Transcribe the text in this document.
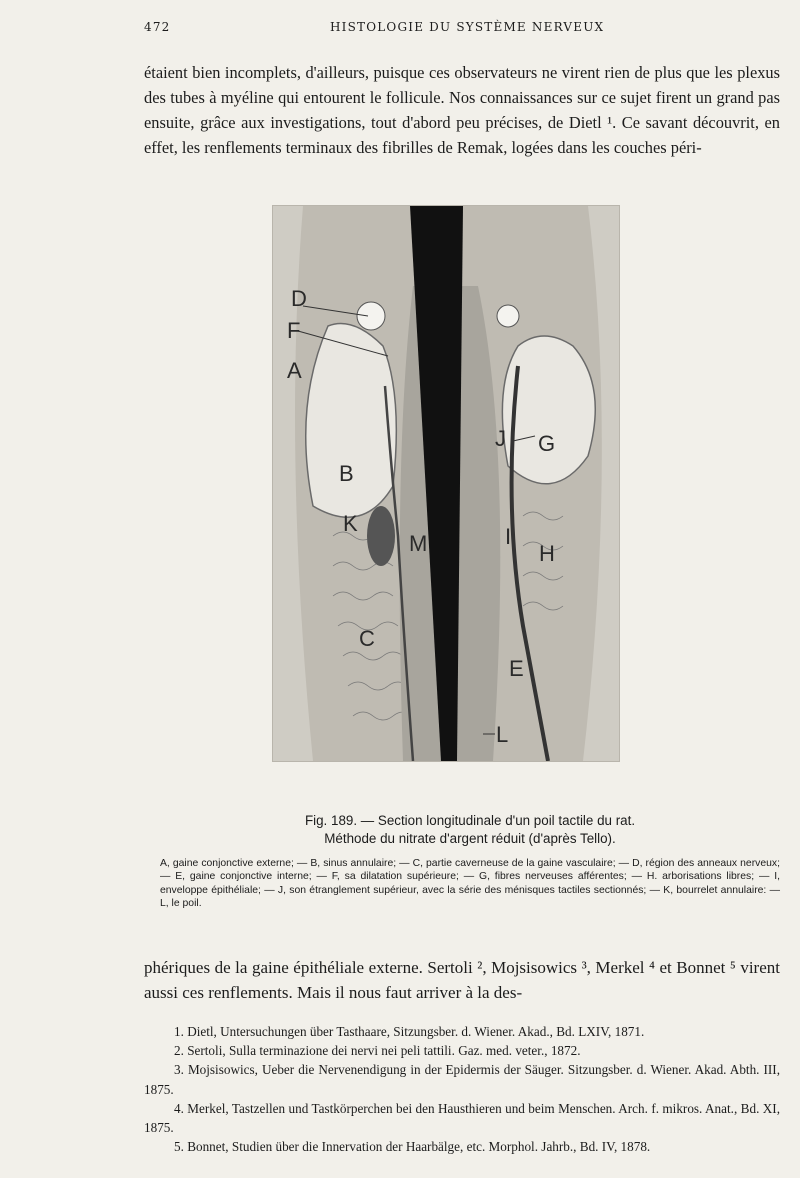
472	HISTOLOGIE DU SYSTÈME NERVEUX

étaient bien incomplets, d'ailleurs, puisque ces observateurs ne virent rien de plus que les plexus des tubes à myéline qui entourent le follicule. Nos connaissances sur ce sujet firent un grand pas ensuite, grâce aux investigations, tout d'abord peu précises, de Dietl ¹. Ce savant découvrit, en effet, les renflements terminaux des fibrilles de Remak, logées dans les couches péri-

D
F
A
B
K
M
C
J G
I
H
E
L

Fig. 189. — Section longitudinale d'un poil tactile du rat.

Méthode du nitrate d'argent réduit (d'après Tello).

A, gaine conjonctive externe; — B, sinus annulaire; — C, partie caverneuse de la gaine vasculaire; — D, région des anneaux nerveux; — E, gaine conjonctive interne; — F, sa dilatation supérieure; — G, fibres nerveuses afférentes; — H. arborisations libres; — I, enveloppe épithéliale; — J, son étranglement supérieur, avec la série des ménisques tactiles sectionnés; — K, bourrelet annulaire: — L, le poil.

phériques de la gaine épithéliale externe. Sertoli ², Mojsisowics ³, Merkel ⁴ et Bonnet ⁵ virent aussi ces renflements. Mais il nous faut arriver à la des-

1. Dietl, Untersuchungen über Tasthaare, Sitzungsber. d. Wiener. Akad., Bd. LXIV, 1871.

2. Sertoli, Sulla terminazione dei nervi nei peli tattili. Gaz. med. veter., 1872.

3. Mojsisowics, Ueber die Nervenendigung in der Epidermis der Säuger. Sitzungsber. d. Wiener. Akad. Abth. III, 1875.

4. Merkel, Tastzellen und Tastkörperchen bei den Hausthieren und beim Menschen. Arch. f. mikros. Anat., Bd. XI, 1875.

5. Bonnet, Studien über die Innervation der Haarbälge, etc. Morphol. Jahrb., Bd. IV, 1878.
